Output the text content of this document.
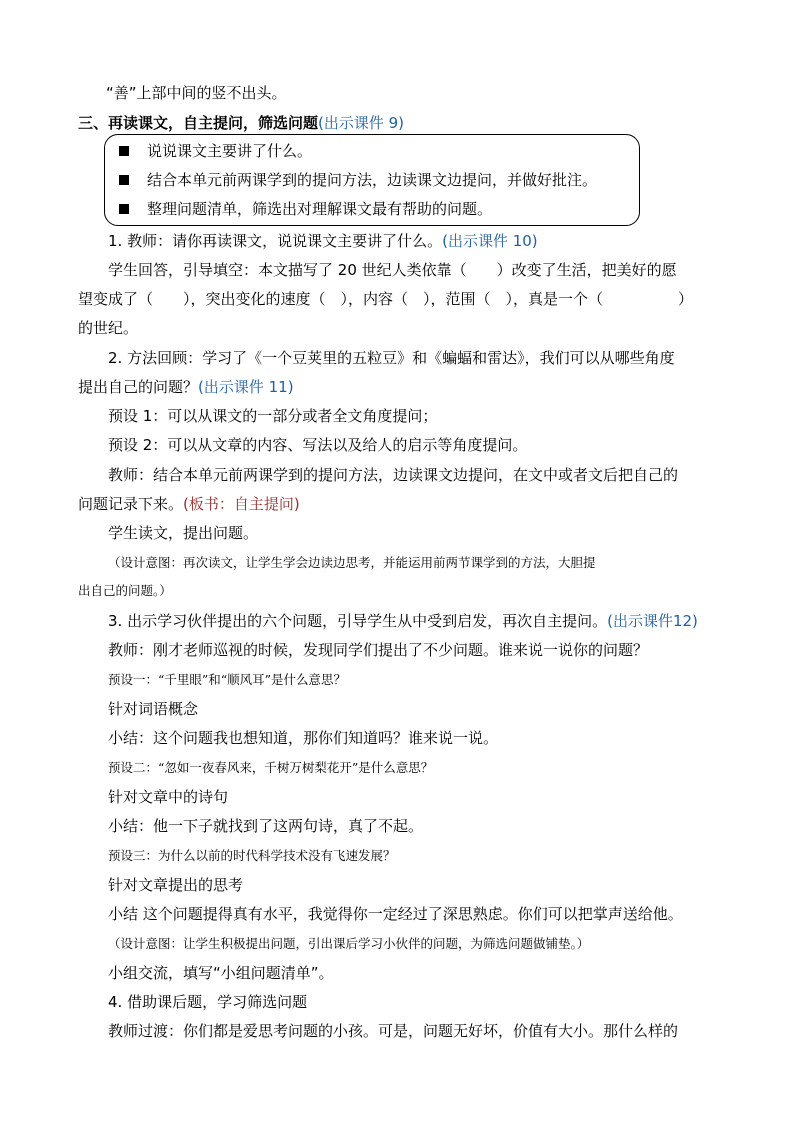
“善”上部中间的竖不出头。
三、再读课文，自主提问，筛选问题(出示课件 9)
说说课文主要讲了什么。
结合本单元前两课学到的提问方法，边读课文边提问，并做好批注。
整理问题清单，筛选出对理解课文最有帮助的问题。
1. 教师：请你再读课文，说说课文主要讲了什么。(出示课件 10)
学生回答，引导填空：本文描写了 20 世纪人类依靠（　　）改变了生活，把美好的愿
望变成了（　　），突出变化的速度（　），内容（　），范围（　），真是一个（　　　　　）
的世纪。
2. 方法回顾：学习了《一个豆荚里的五粒豆》和《蝙蝠和雷达》，我们可以从哪些角度
提出自己的问题？(出示课件 11)
预设 1：可以从课文的一部分或者全文角度提问；
预设 2：可以从文章的内容、写法以及给人的启示等角度提问。
教师：结合本单元前两课学到的提问方法，边读课文边提问，在文中或者文后把自己的
问题记录下来。(板书：自主提问)
学生读文，提出问题。
（设计意图：再次读文，让学生学会边读边思考，并能运用前两节课学到的方法，大胆提
出自己的问题。）
3. 出示学习伙伴提出的六个问题，引导学生从中受到启发，再次自主提问。(出示课件12)
教师：刚才老师巡视的时候，发现同学们提出了不少问题。谁来说一说你的问题？
预设一：“千里眼”和“顺风耳”是什么意思？
针对词语概念
小结：这个问题我也想知道，那你们知道吗？谁来说一说。
预设二：“忽如一夜春风来，千树万树梨花开”是什么意思？
针对文章中的诗句
小结：他一下子就找到了这两句诗，真了不起。
预设三：为什么以前的时代科学技术没有飞速发展？
针对文章提出的思考
小结 这个问题提得真有水平，我觉得你一定经过了深思熟虑。你们可以把掌声送给他。
（设计意图：让学生积极提出问题，引出课后学习小伙伴的问题，为筛选问题做铺垫。）
小组交流，填写“小组问题清单”。
4. 借助课后题，学习筛选问题
教师过渡：你们都是爱思考问题的小孩。可是，问题无好坏，价值有大小。那什么样的
